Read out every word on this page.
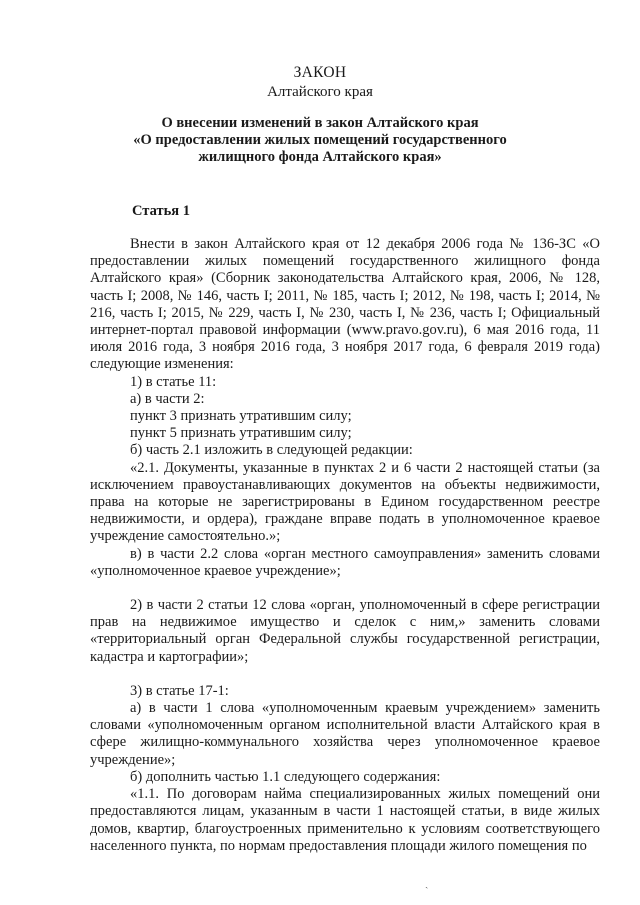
ЗАКОН
Алтайского края
О внесении изменений в закон Алтайского края
«О предоставлении жилых помещений государственного
жилищного фонда Алтайского края»
Статья 1

Внести в закон Алтайского края от 12 декабря 2006 года № 136-ЗС «О предоставлении жилых помещений государственного жилищного фонда Алтайского края» (Сборник законодательства Алтайского края, 2006, № 128, часть I; 2008, № 146, часть I; 2011, № 185, часть I; 2012, № 198, часть I; 2014, № 216, часть I; 2015, № 229, часть I, № 230, часть I, № 236, часть I; Официальный интернет-портал правовой информации (www.pravo.gov.ru), 6 мая 2016 года, 11 июля 2016 года, 3 ноября 2016 года, 3 ноября 2017 года, 6 февраля 2019 года) следующие изменения:

1) в статье 11:

а) в части 2:

пункт 3 признать утратившим силу;

пункт 5 признать утратившим силу;

б) часть 2.1 изложить в следующей редакции:

«2.1. Документы, указанные в пунктах 2 и 6 части 2 настоящей статьи (за исключением правоустанавливающих документов на объекты недвижимости, права на которые не зарегистрированы в Едином государственном реестре недвижимости, и ордера), граждане вправе подать в уполномоченное краевое учреждение самостоятельно.»;

в) в части 2.2 слова «орган местного самоуправления» заменить словами «уполномоченное краевое учреждение»;

2) в части 2 статьи 12 слова «орган, уполномоченный в сфере регистрации прав на недвижимое имущество и сделок с ним,» заменить словами «территориальный орган Федеральной службы государственной регистрации, кадастра и картографии»;

3) в статье 17-1:

а) в части 1 слова «уполномоченным краевым учреждением» заменить словами «уполномоченным органом исполнительной власти Алтайского края в сфере жилищно-коммунального хозяйства через уполномоченное краевое учреждение»;

б) дополнить частью 1.1 следующего содержания:

«1.1. По договорам найма специализированных жилых помещений они предоставляются лицам, указанным в части 1 настоящей статьи, в виде жилых домов, квартир, благоустроенных применительно к условиям соответствующего населенного пункта, по нормам предоставления площади жилого помещения по

ˎ
